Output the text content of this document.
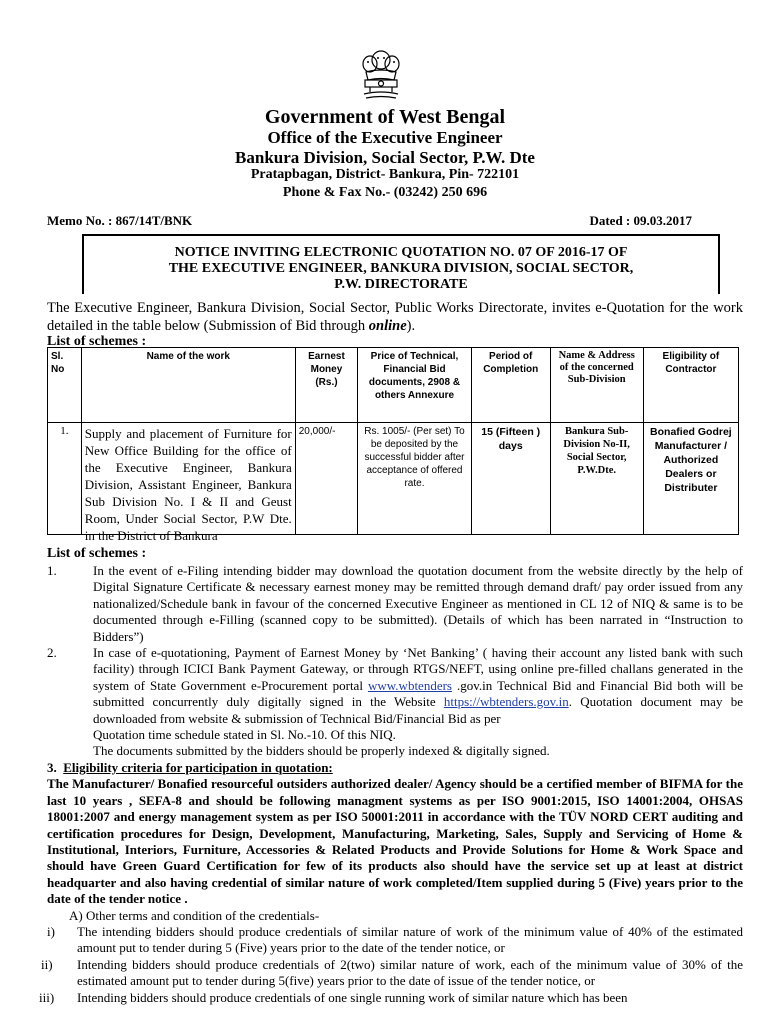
Government of West Bengal
Office of the Executive Engineer
Bankura Division, Social Sector, P.W. Dte
Pratapbagan, District- Bankura, Pin- 722101
Phone & Fax No.- (03242) 250 696
Memo No. : 867/14T/BNK	Dated : 09.03.2017
NOTICE INVITING ELECTRONIC QUOTATION NO. 07 OF 2016-17 OF
THE EXECUTIVE ENGINEER, BANKURA DIVISION, SOCIAL SECTOR,
P.W. DIRECTORATE
The Executive Engineer, Bankura Division, Social Sector, Public Works Directorate, invites e-Quotation for the work detailed in the table below (Submission of Bid through online).
List of schemes :
Sl. No	Name of the work	Earnest Money (Rs.)	Price of Technical, Financial Bid documents, 2908 & others Annexure	Period of Completion	Name & Address of the concerned Sub-Division	Eligibility of Contractor
1.	Supply and placement of Furniture for New Office Building for the office of the Executive Engineer, Bankura Division, Assistant Engineer, Bankura Sub Division No. I & II and Geust Room, Under Social Sector, P.W Dte. in the District of Bankura	20,000/-	Rs. 1005/- (Per set) To be deposited by the successful bidder after acceptance of offered rate.	15 (Fifteen ) days	Bankura Sub-Division No-II, Social Sector, P.W.Dte.	Bonafied Godrej Manufacturer / Authorized Dealers or Distributer
List of schemes :
1.	In the event of e-Filing intending bidder may download the quotation document from the website directly by the help of Digital Signature Certificate & necessary earnest money may be remitted through demand draft/ pay order issued from any nationalized/Schedule bank in favour of the concerned Executive Engineer as mentioned in CL 12 of NIQ & same is to be documented through e-Filling (scanned copy to be submitted). (Details of which has been narrated in “Instruction to Bidders”)
2.	In case of e-quotationing, Payment of Earnest Money by ‘Net Banking’ ( having their account any listed bank with such facility) through ICICI Bank Payment Gateway, or through RTGS/NEFT, using online pre-filled challans generated in the system of State Government e-Procurement portal www.wbtenders .gov.in Technical Bid and Financial Bid both will be submitted concurrently duly digitally signed in the Website https://wbtenders.gov.in. Quotation document may be downloaded from website & submission of Technical Bid/Financial Bid as per
Quotation time schedule stated in Sl. No.-10. Of this NIQ.
The documents submitted by the bidders should be properly indexed & digitally signed.
3. Eligibility criteria for participation in quotation:
The Manufacturer/ Bonafied resourceful outsiders authorized dealer/ Agency should be a certified member of BIFMA for the last 10 years , SEFA-8 and should be following managment systems as per ISO 9001:2015, ISO 14001:2004, OHSAS 18001:2007 and energy management system as per ISO 50001:2011 in accordance with the TÜV NORD CERT auditing and certification procedures for Design, Development, Manufacturing, Marketing, Sales, Supply and Servicing of Home & Institutional, Interiors, Furniture, Accessories & Related Products and Provide Solutions for Home & Work Space and should have Green Guard Certification for few of its products also should have the service set up at least at district headquarter and also having credential of similar nature of work completed/Item supplied during 5 (Five) years prior to the date of the tender notice .
A) Other terms and condition of the credentials-
i) The intending bidders should produce credentials of similar nature of work of the minimum value of 40% of the estimated amount put to tender during 5 (Five) years prior to the date of the tender notice, or
ii) Intending bidders should produce credentials of 2(two) similar nature of work, each of the minimum value of 30% of the estimated amount put to tender during 5(five) years prior to the date of issue of the tender notice, or
iii) Intending bidders should produce credentials of one single running work of similar nature which has been
